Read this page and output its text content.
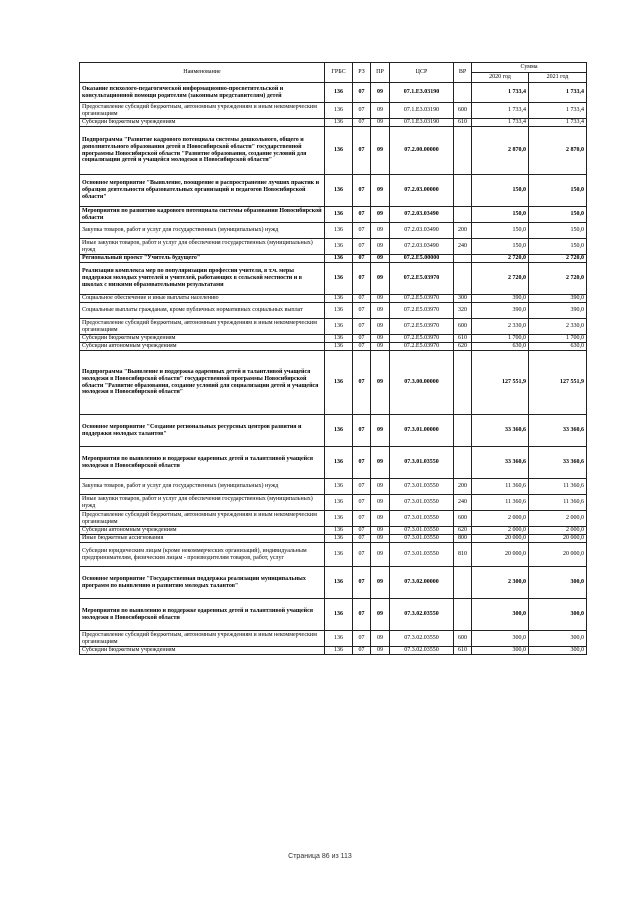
Наименование	ГРБС	РЗ	ПР	ЦСР	ВР	Сумма	
						2020 год	2021 год
Оказание психолого-педагогической информационно-просветительской и консультационной помощи родителям (законным представителям) детей	136	07	09	07.1.E3.03190		1 733,4	1 733,4
Предоставление субсидий бюджетным, автономным учреждениям и иным некоммерческим организациям	136	07	09	07.1.E3.03190	600	1 733,4	1 733,4
Субсидии бюджетным учреждениям	136	07	09	07.1.E3.03190	610	1 733,4	1 733,4
Подпрограмма "Развитие кадрового потенциала системы дошкольного, общего и дополнительного образования детей в Новосибирской области" государственной программы Новосибирской области "Развитие образования, создание условий для социализации детей и учащейся молодежи в Новосибирской области"	136	07	09	07.2.00.00000		2 870,0	2 870,0
Основное мероприятие "Выявление, поощрение и распространение лучших практик и образцов деятельности образовательных организаций и педагогов Новосибирской области"	136	07	09	07.2.03.00000		150,0	150,0
Мероприятия по развитию кадрового потенциала системы образования Новосибирской области	136	07	09	07.2.03.03490		150,0	150,0
Закупка товаров, работ и услуг для государственных (муниципальных) нужд	136	07	09	07.2.03.03490	200	150,0	150,0
Иные закупки товаров, работ и услуг для обеспечения государственных (муниципальных) нужд	136	07	09	07.2.03.03490	240	150,0	150,0
Региональный проект "Учитель будущего"	136	07	09	07.2.E5.00000		2 720,0	2 720,0
Реализация комплекса мер по популяризации профессии учителя, в т.ч. меры поддержки молодых учителей и учителей, работающих в сельской местности и в школах с низкими образовательными результатами	136	07	09	07.2.E5.03970		2 720,0	2 720,0
Социальное обеспечение и иные выплаты населению	136	07	09	07.2.E5.03970	300	390,0	390,0
Социальные выплаты гражданам, кроме публичных нормативных социальных выплат	136	07	09	07.2.E5.03970	320	390,0	390,0
Предоставление субсидий бюджетным, автономным учреждениям и иным некоммерческим организациям	136	07	09	07.2.E5.03970	600	2 330,0	2 330,0
Субсидии бюджетным учреждениям	136	07	09	07.2.E5.03970	610	1 700,0	1 700,0
Субсидии автономным учреждениям	136	07	09	07.2.E5.03970	620	630,0	630,0
Подпрограмма "Выявление и поддержка одаренных детей и талантливой учащейся молодежи в Новосибирской области" государственной программы Новосибирской области "Развитие образования, создание условий для социализации детей и учащейся молодежи в Новосибирской области"	136	07	09	07.3.00.00000		127 551,9	127 551,9
Основное мероприятие "Создание региональных ресурсных центров развития и поддержки молодых талантов"	136	07	09	07.3.01.00000		33 360,6	33 360,6
Мероприятия по выявлению и поддержке одаренных детей и талантливой учащейся молодежи в Новосибирской области	136	07	09	07.3.01.03550		33 360,6	33 360,6
Закупка товаров, работ и услуг для государственных (муниципальных) нужд	136	07	09	07.3.01.03550	200	11 360,6	11 360,6
Иные закупки товаров, работ и услуг для обеспечения государственных (муниципальных) нужд	136	07	09	07.3.01.03550	240	11 360,6	11 360,6
Предоставление субсидий бюджетным, автономным учреждениям и иным некоммерческим организациям	136	07	09	07.3.01.03550	600	2 000,0	2 000,0
Субсидии автономным учреждениям	136	07	09	07.3.01.03550	620	2 000,0	2 000,0
Иные бюджетные ассигнования	136	07	09	07.3.01.03550	800	20 000,0	20 000,0
Субсидии юридическим лицам (кроме некоммерческих организаций), индивидуальным предпринимателям, физическим лицам - производителям товаров, работ, услуг	136	07	09	07.3.01.03550	810	20 000,0	20 000,0
Основное мероприятие "Государственная поддержка реализации муниципальных программ по выявлению и развитию молодых талантов"	136	07	09	07.3.02.00000		2 300,0	300,0
Мероприятия по выявлению и поддержке одаренных детей и талантливой учащейся молодежи в Новосибирской области	136	07	09	07.3.02.03550		300,0	300,0
Предоставление субсидий бюджетным, автономным учреждениям и иным некоммерческим организациям	136	07	09	07.3.02.03550	600	300,0	300,0
Субсидии бюджетным учреждениям	136	07	09	07.3.02.03550	610	300,0	300,0
Страница 86 из 113
